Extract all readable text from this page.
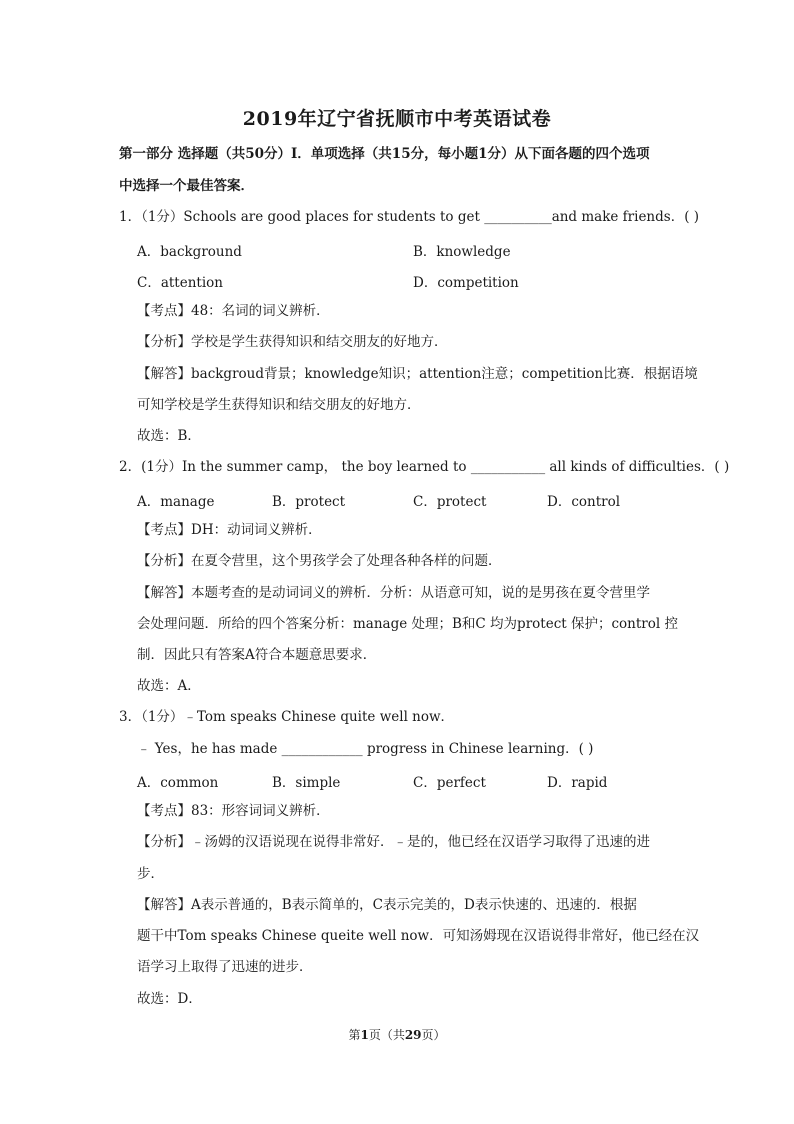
2019年辽宁省抚顺市中考英语试卷
第一部分 选择题（共50分）I．单项选择（共15分，每小题1分）从下面各题的四个选项
中选择一个最佳答案．
1．（1分）Schools are good places for students to get __________and make friends．( )
A．background	B．knowledge
C．attention	D．competition
【考点】48：名词的词义辨析．
【分析】学校是学生获得知识和结交朋友的好地方．
【解答】backgroud背景；knowledge知识；attention注意；competition比赛．根据语境
可知学校是学生获得知识和结交朋友的好地方．
故选：B．
2．(1分）In the summer camp， the boy learned to ___________ all kinds of difficulties．( )
A．manage	B．protect	C．protect	D．control
【考点】DH：动词词义辨析．
【分析】在夏令营里，这个男孩学会了处理各种各样的问题．
【解答】本题考查的是动词词义的辨析．分析：从语意可知，说的是男孩在夏令营里学
会处理问题．所给的四个答案分析：manage 处理；B和C 均为protect 保护；control 控
制．因此只有答案A符合本题意思要求．
故选：A．
3．（1分）﹣Tom speaks Chinese quite well now．
﹣ Yes，he has made ____________ progress in Chinese learning．( )
A．common	B．simple	C．perfect	D．rapid
【考点】83：形容词词义辨析．
【分析】﹣汤姆的汉语说现在说得非常好．﹣是的，他已经在汉语学习取得了迅速的进
步．
【解答】A表示普通的，B表示简单的，C表示完美的，D表示快速的、迅速的．根据
题干中Tom speaks Chinese queite well now．可知汤姆现在汉语说得非常好，他已经在汉
语学习上取得了迅速的进步．
故选：D．
第1页（共29页）
